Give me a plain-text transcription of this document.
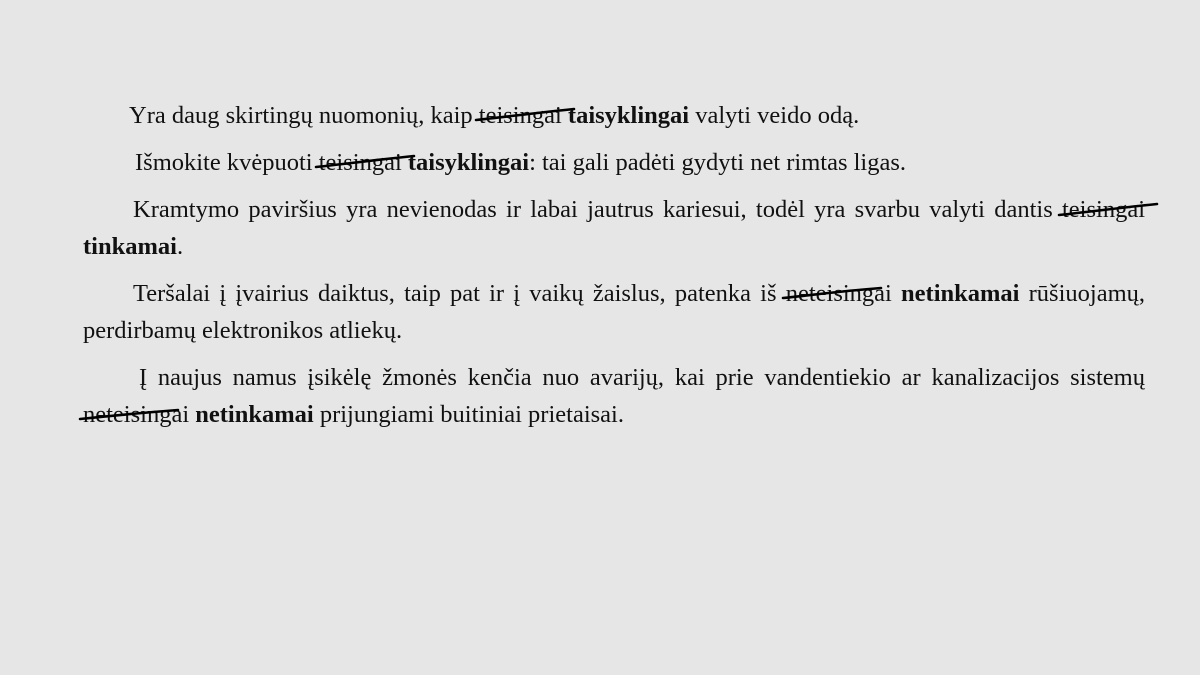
Yra daug skirtingų nuomonių, kaip teisingai taisyklingai valyti veido odą.

Išmokite kvėpuoti teisingai taisyklingai: tai gali padėti gydyti net rimtas ligas.

Kramtymo paviršius yra nevienodas ir labai jautrus kariesui, todėl yra svarbu valyti dantis teisingai
tinkamai.

Teršalai į įvairius daiktus, taip pat ir į vaikų žaislus, patenka iš neteisingai netinkamai rūšiuojamų, perdirbamų elektronikos atliekų.

Į naujus namus įsikėlę žmonės kenčia nuo avarijų, kai prie vandentiekio ar kanalizacijos sistemų neteisingai netinkamai prijungiami buitiniai prietaisai.
